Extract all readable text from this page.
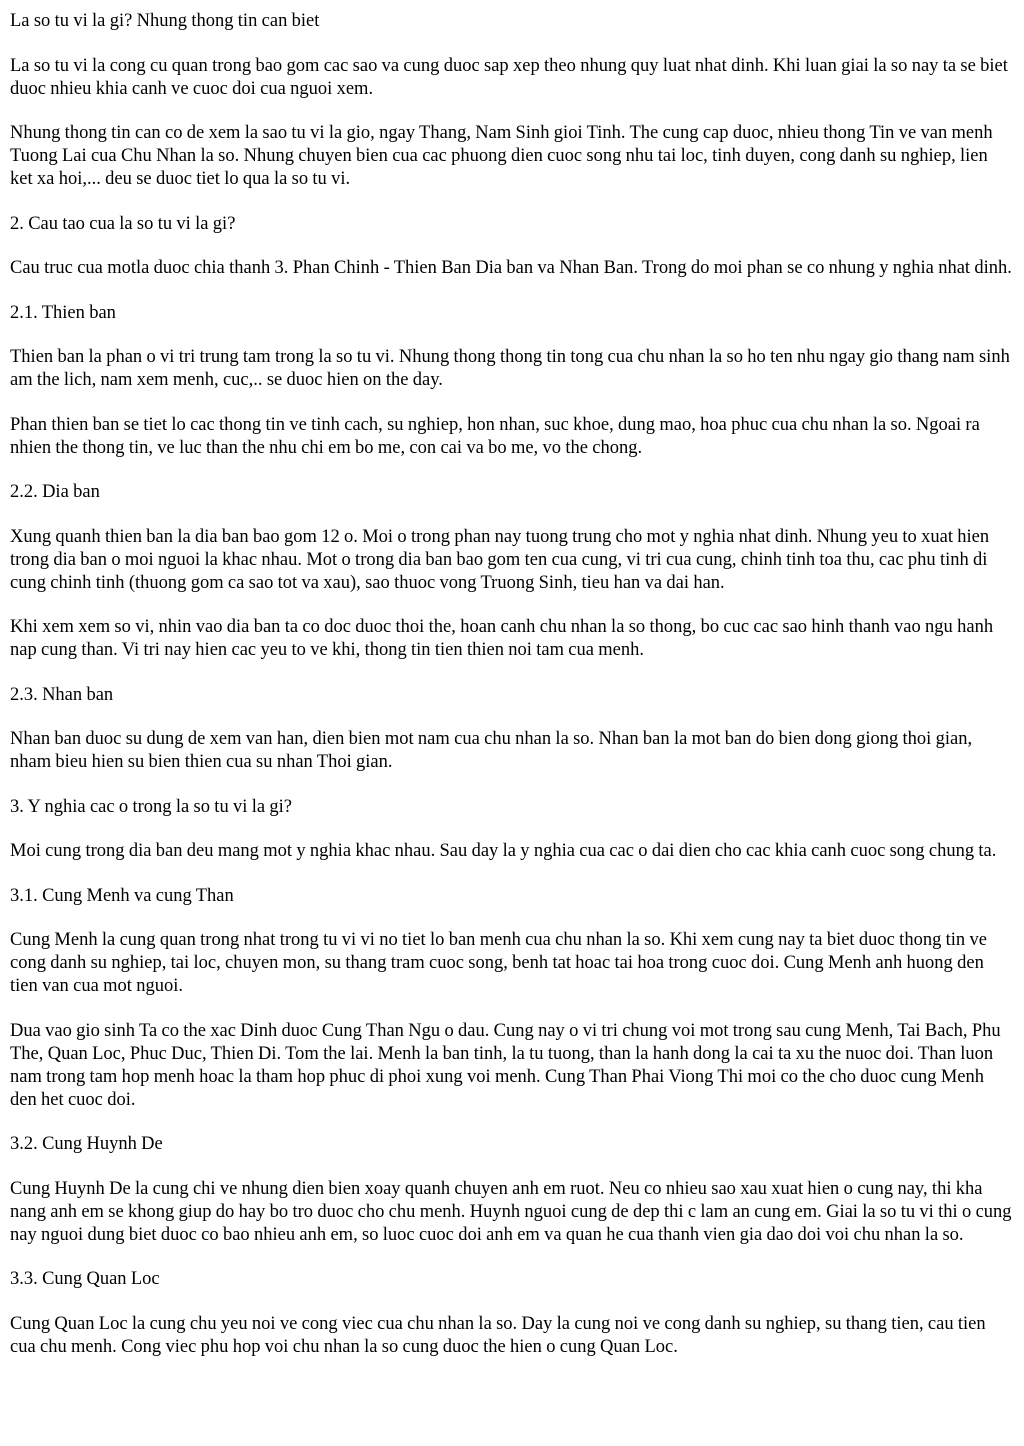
La so tu vi la gi? Nhung thong tin can biet

La so tu vi la cong cu quan trong bao gom cac sao va cung duoc sap xep theo nhung quy luat nhat dinh. Khi luan giai la so nay ta se biet duoc nhieu khia canh ve cuoc doi cua nguoi xem.

Nhung thong tin can co de xem la sao tu vi la gio, ngay Thang, Nam Sinh gioi Tinh. The cung cap duoc, nhieu thong Tin ve van menh Tuong Lai cua Chu Nhan la so. Nhung chuyen bien cua cac phuong dien cuoc song nhu tai loc, tinh duyen, cong danh su nghiep, lien ket xa hoi,... deu se duoc tiet lo qua la so tu vi.

2. Cau tao cua la so tu vi la gi?

Cau truc cua motla duoc chia thanh 3. Phan Chinh - Thien Ban Dia ban va Nhan Ban. Trong do moi phan se co nhung y nghia nhat dinh.

2.1. Thien ban

Thien ban la phan o vi tri trung tam trong la so tu vi. Nhung thong thong tin tong cua chu nhan la so ho ten nhu ngay gio thang nam sinh am the lich, nam xem menh, cuc,.. se duoc hien on the day.

Phan thien ban se tiet lo cac thong tin ve tinh cach, su nghiep, hon nhan, suc khoe, dung mao, hoa phuc cua chu nhan la so. Ngoai ra nhien the thong tin, ve luc than the nhu chi em bo me, con cai va bo me, vo the chong.

2.2. Dia ban

Xung quanh thien ban la dia ban bao gom 12 o. Moi o trong phan nay tuong trung cho mot y nghia nhat dinh. Nhung yeu to xuat hien trong dia ban o moi nguoi la khac nhau. Mot o trong dia ban bao gom ten cua cung, vi tri cua cung, chinh tinh toa thu, cac phu tinh di cung chinh tinh (thuong gom ca sao tot va xau), sao thuoc vong Truong Sinh, tieu han va dai han.

Khi xem xem so vi, nhin vao dia ban ta co doc duoc thoi the, hoan canh chu nhan la so thong, bo cuc cac sao hinh thanh vao ngu hanh nap cung than. Vi tri nay hien cac yeu to ve khi, thong tin tien thien noi tam cua menh.

2.3. Nhan ban

Nhan ban duoc su dung de xem van han, dien bien mot nam cua chu nhan la so. Nhan ban la mot ban do bien dong giong thoi gian, nham bieu hien su bien thien cua su nhan Thoi gian.

3. Y nghia cac o trong la so tu vi la gi?

Moi cung trong dia ban deu mang mot y nghia khac nhau. Sau day la y nghia cua cac o dai dien cho cac khia canh cuoc song chung ta.

3.1. Cung Menh va cung Than

Cung Menh la cung quan trong nhat trong tu vi vi no tiet lo ban menh cua chu nhan la so. Khi xem cung nay ta biet duoc thong tin ve cong danh su nghiep, tai loc, chuyen mon, su thang tram cuoc song, benh tat hoac tai hoa trong cuoc doi. Cung Menh anh huong den tien van cua mot nguoi.

Dua vao gio sinh Ta co the xac Dinh duoc Cung Than Ngu o dau. Cung nay o vi tri chung voi mot trong sau cung Menh, Tai Bach, Phu The, Quan Loc, Phuc Duc, Thien Di. Tom the lai. Menh la ban tinh, la tu tuong, than la hanh dong la cai ta xu the nuoc doi. Than luon nam trong tam hop menh hoac la tham hop phuc di phoi xung voi menh. Cung Than Phai Viong Thi moi co the cho duoc cung Menh den het cuoc doi.

3.2. Cung Huynh De

Cung Huynh De la cung chi ve nhung dien bien xoay quanh chuyen anh em ruot. Neu co nhieu sao xau xuat hien o cung nay, thi kha nang anh em se khong giup do hay bo tro duoc cho chu menh. Huynh nguoi cung de dep thi c lam an cung em. Giai la so tu vi thi o cung nay nguoi dung biet duoc co bao nhieu anh em, so luoc cuoc doi anh em va quan he cua thanh vien gia dao doi voi chu nhan la so.

3.3. Cung Quan Loc

Cung Quan Loc la cung chu yeu noi ve cong viec cua chu nhan la so. Day la cung noi ve cong danh su nghiep, su thang tien, cau tien cua chu menh. Cong viec phu hop voi chu nhan la so cung duoc the hien o cung Quan Loc.
